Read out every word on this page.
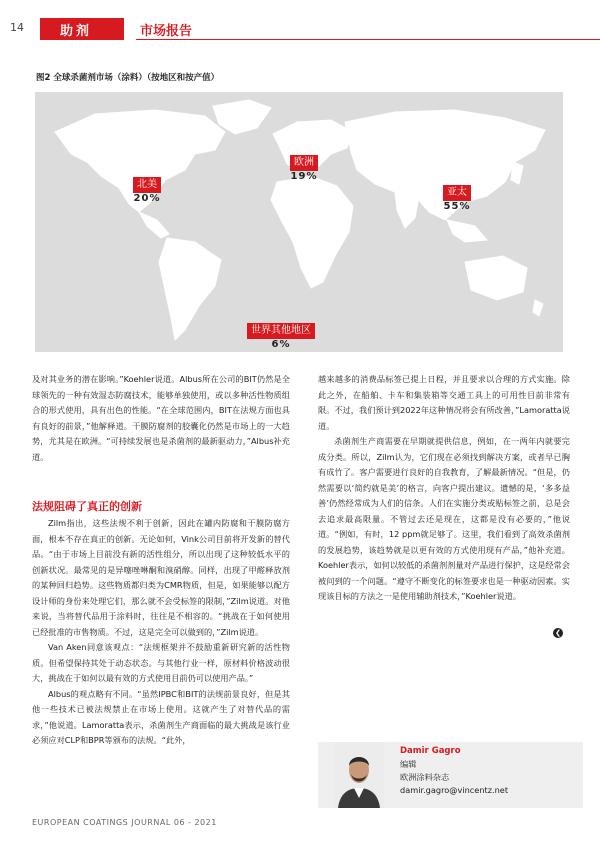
14	助剂	市场报告
图2 全球杀菌剂市场（涂料）（按地区和按产值）
北美
20%
欧洲
19%
亚太
55%
世界其他地区
6%

及对其业务的潜在影响。”Koehler说道。Albus所在公司的BIT仍然是全球领先的一种有效湿态防腐技术，能够单独使用，或以多种活性物质组合的形式使用，具有出色的性能。“在全球范围内，BIT在法规方面也具有良好的前景，”他解释道。干膜防腐剂的胶囊化仍然是市场上的一大趋势，尤其是在欧洲。“可持续发展也是杀菌剂的最新驱动力，”Albus补充道。

法规阻碍了真正的创新

Zilm指出，这些法规不利于创新，因此在罐内防腐和干膜防腐方面，根本不存在真正的创新。无论如何，Vink公司目前将开发新的替代品。“由于市场上目前没有新的活性组分，所以出现了这种较低水平的创新状况。最常见的是异噻唑啉酮和溴硝醇。同样，出现了甲醛释放剂的某种回归趋势。这些物质都归类为CMR物质，但是，如果能够以配方设计师的身份来处理它们，那么就不会受标签的限制，”Zilm说道。对他来说，当将替代品用于涂料时，往往是不相容的。“挑战在于如何使用已经批准的市售物质。不过，这是完全可以做到的，”Zilm说道。

Van Aken同意该观点：“法规框架并不鼓励重新研究新的活性物质。但希望保持其处于动态状态。与其他行业一样，原材料价格波动很大，挑战在于如何以最有效的方式使用目前仍可以使用产品。”

Albus的观点略有不同。“虽然IPBC和BIT的法规前景良好，但是其他一些技术已被法规禁止在市场上使用。这就产生了对替代品的需求，”他说道。Lamoratta表示，杀菌剂生产商面临的最大挑战是该行业必须应对CLP和BPR等颁布的法规。“此外，

越来越多的消费品标签已提上日程，并且要求以合理的方式实施。除此之外，在船舶、卡车和集装箱等交通工具上的可用性目前非常有限。不过，我们预计到2022年这种情况将会有所改善，”Lamoratta说道。

杀菌剂生产商需要在早期就提供信息，例如，在一两年内就要完成分类。所以，Zilm认为，它们现在必须找到解决方案，或者早已胸有成竹了。客户需要进行良好的自我教育，了解最新情况。“但是，仍然需要以‘简约就是美’的格言，向客户提出建议。遗憾的是，‘多多益善’仍然经常成为人们的信条。人们在实施分类或贴标签之前，总是会去追求最高限量。不管过去还是现在，这都是没有必要的，”他说道。“例如，有时，12 ppm就足够了。这里，我们看到了高效杀菌剂的发展趋势，该趋势就是以更有效的方式使用现有产品，”他补充道。Koehler表示，如何以较低的杀菌剂剂量对产品进行保护，这是经常会被问到的一个问题。“遵守不断变化的标签要求也是一种驱动因素。实现该目标的方法之一是使用辅助剂技术，”Koehler说道。

❮
Damir Gagro
编辑
欧洲涂料杂志
damir.gagro@vincentz.net
EUROPEAN COATINGS JOURNAL 06 - 2021
